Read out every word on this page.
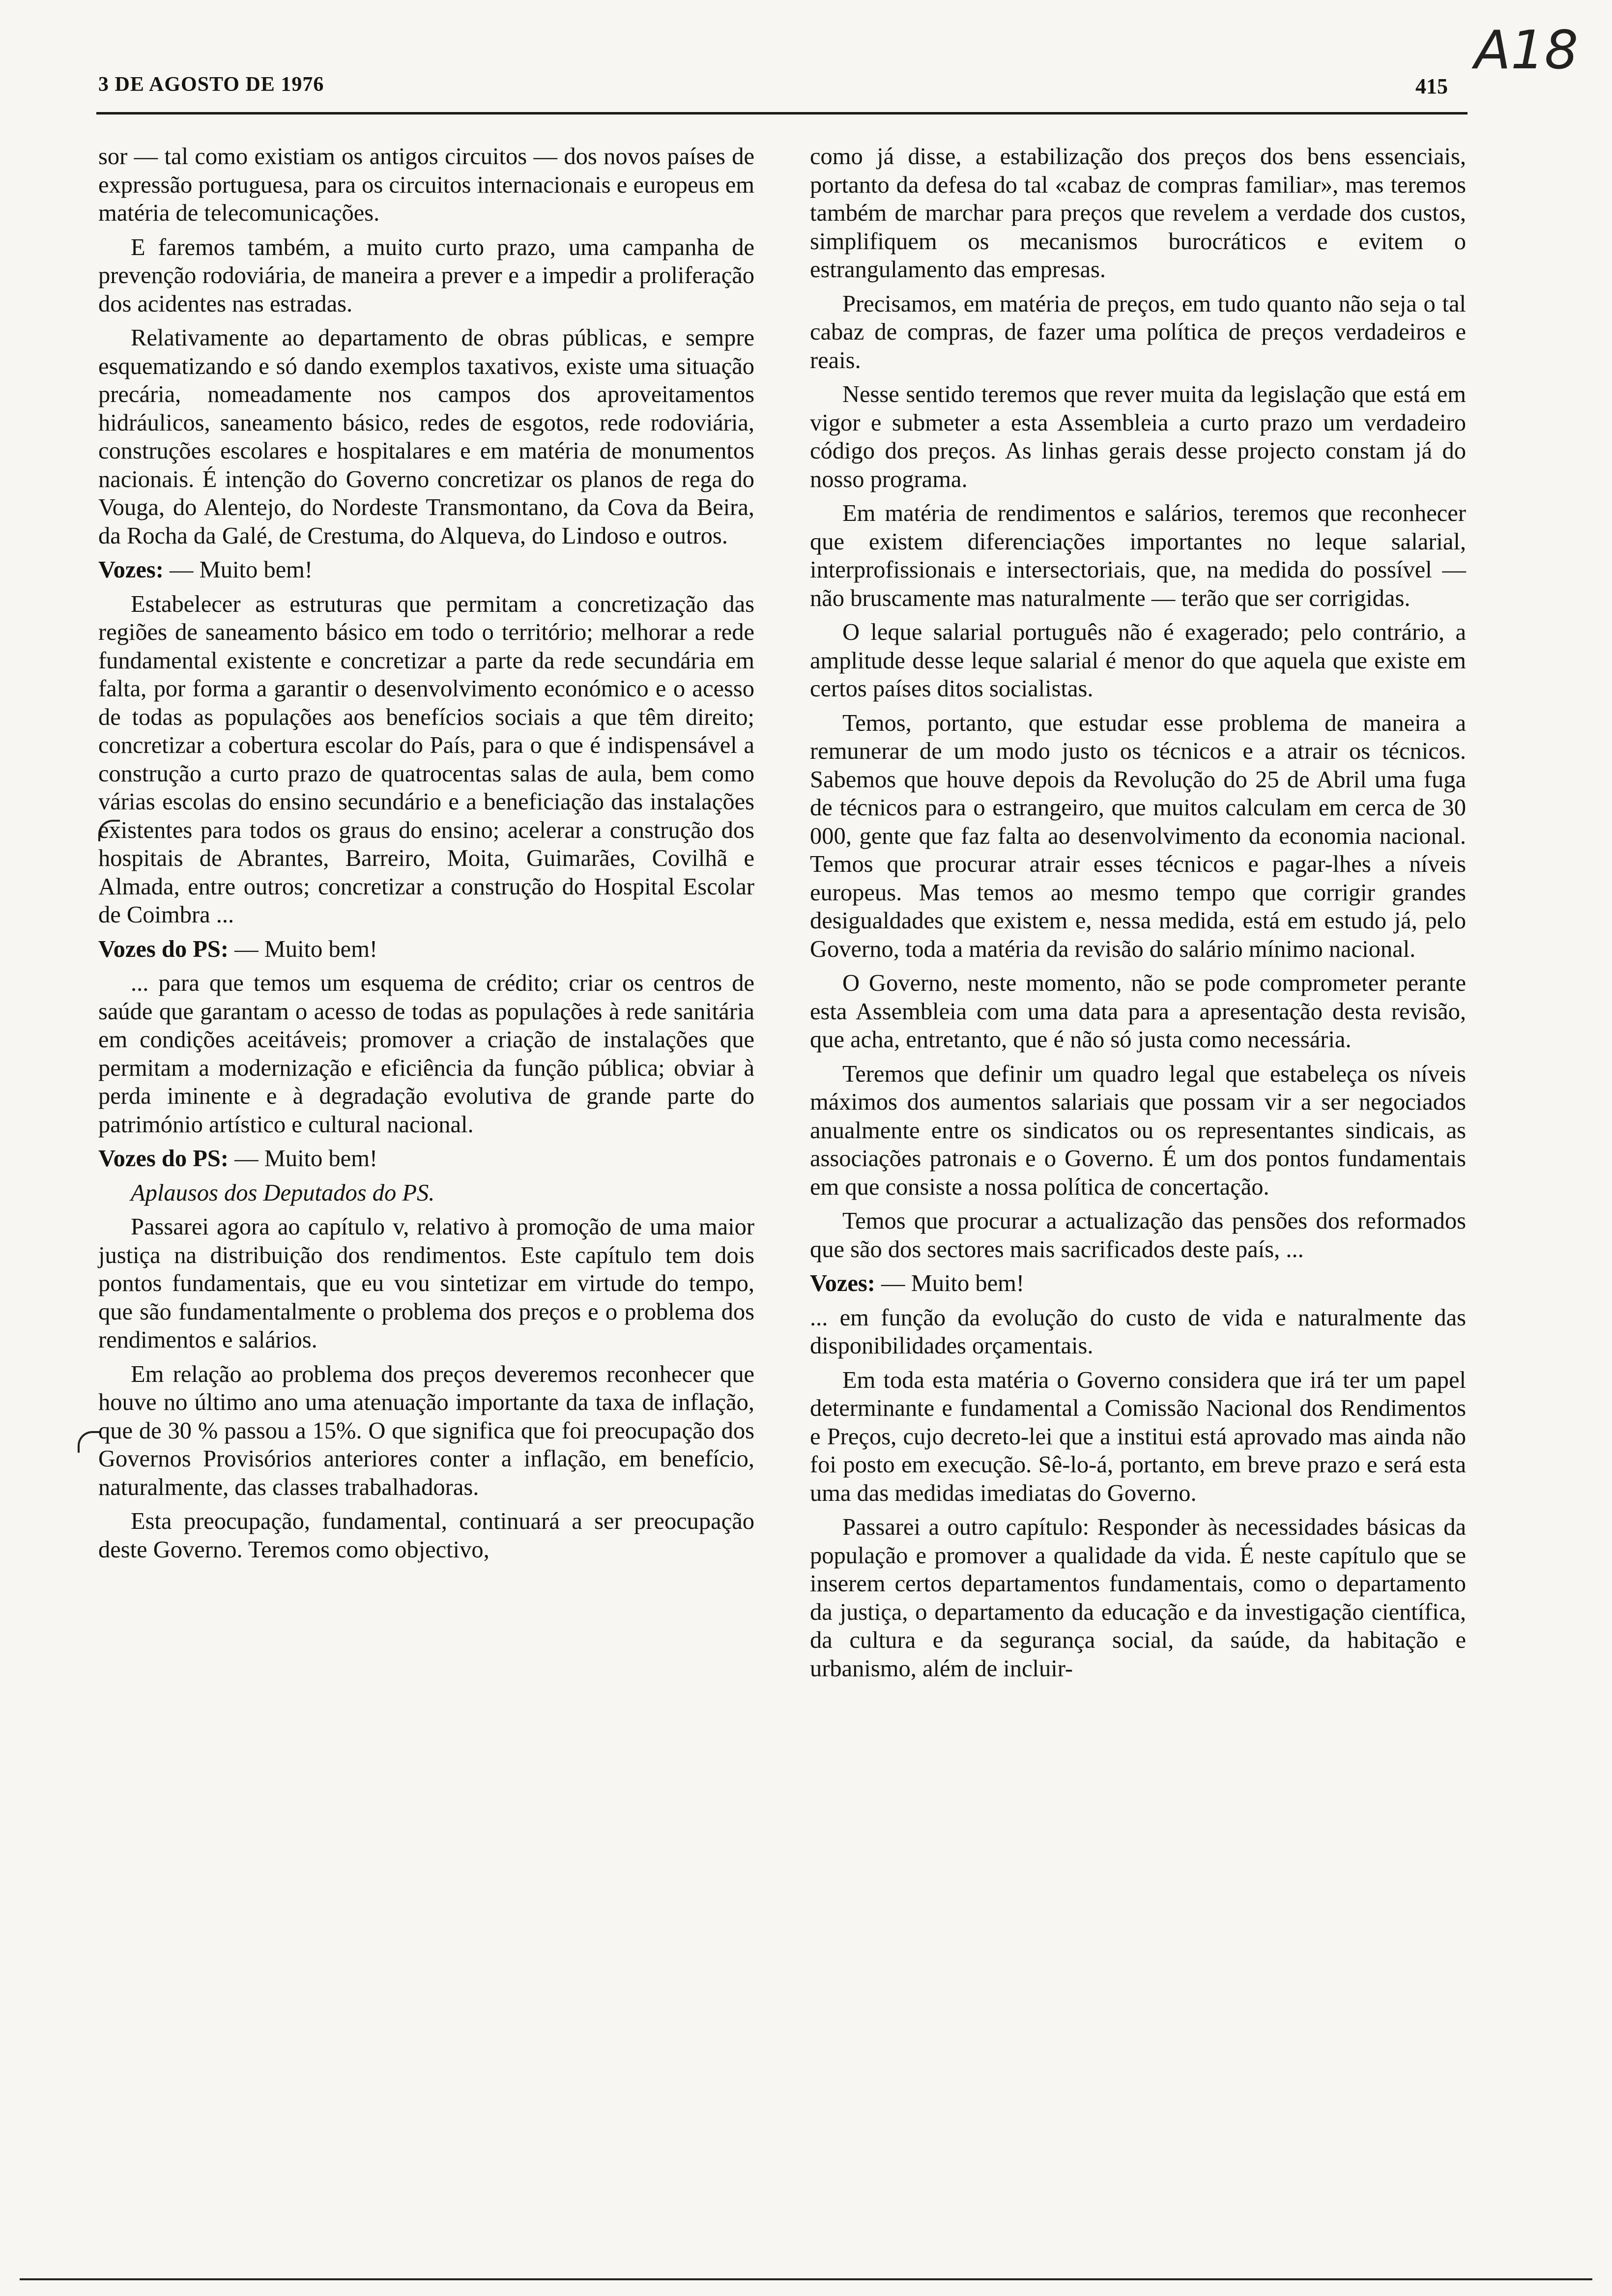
3 DE AGOSTO DE 1976	415
A18

sor — tal como existiam os antigos circuitos — dos novos países de expressão portuguesa, para os circuitos internacionais e europeus em matéria de telecomunicações.

E faremos também, a muito curto prazo, uma campanha de prevenção rodoviária, de maneira a prever e a impedir a proliferação dos acidentes nas estradas.

Relativamente ao departamento de obras públicas, e sempre esquematizando e só dando exemplos taxativos, existe uma situação precária, nomeadamente nos campos dos aproveitamentos hidráulicos, saneamento básico, redes de esgotos, rede rodoviária, construções escolares e hospitalares e em matéria de monumentos nacionais. É intenção do Governo concretizar os planos de rega do Vouga, do Alentejo, do Nordeste Transmontano, da Cova da Beira, da Rocha da Galé, de Crestuma, do Alqueva, do Lindoso e outros.

Vozes: — Muito bem!

Estabelecer as estruturas que permitam a concretização das regiões de saneamento básico em todo o território; melhorar a rede fundamental existente e concretizar a parte da rede secundária em falta, por forma a garantir o desenvolvimento económico e o acesso de todas as populações aos benefícios sociais a que têm direito; concretizar a cobertura escolar do País, para o que é indispensável a construção a curto prazo de quatrocentas salas de aula, bem como várias escolas do ensino secundário e a beneficiação das instalações existentes para todos os graus do ensino; acelerar a construção dos hospitais de Abrantes, Barreiro, Moita, Guimarães, Covilhã e Almada, entre outros; concretizar a construção do Hospital Escolar de Coimbra ...

Vozes do PS: — Muito bem!

... para que temos um esquema de crédito; criar os centros de saúde que garantam o acesso de todas as populações à rede sanitária em condições aceitáveis; promover a criação de instalações que permitam a modernização e eficiência da função pública; obviar à perda iminente e à degradação evolutiva de grande parte do património artístico e cultural nacional.

Vozes do PS: — Muito bem!

Aplausos dos Deputados do PS.

Passarei agora ao capítulo v, relativo à promoção de uma maior justiça na distribuição dos rendimentos. Este capítulo tem dois pontos fundamentais, que eu vou sintetizar em virtude do tempo, que são fundamentalmente o problema dos preços e o problema dos rendimentos e salários.

Em relação ao problema dos preços deveremos reconhecer que houve no último ano uma atenuação importante da taxa de inflação, que de 30 % passou a 15%. O que significa que foi preocupação dos Governos Provisórios anteriores conter a inflação, em benefício, naturalmente, das classes trabalhadoras.

Esta preocupação, fundamental, continuará a ser preocupação deste Governo. Teremos como objectivo,

como já disse, a estabilização dos preços dos bens essenciais, portanto da defesa do tal «cabaz de compras familiar», mas teremos também de marchar para preços que revelem a verdade dos custos, simplifiquem os mecanismos burocráticos e evitem o estrangulamento das empresas.

Precisamos, em matéria de preços, em tudo quanto não seja o tal cabaz de compras, de fazer uma política de preços verdadeiros e reais.

Nesse sentido teremos que rever muita da legislação que está em vigor e submeter a esta Assembleia a curto prazo um verdadeiro código dos preços. As linhas gerais desse projecto constam já do nosso programa.

Em matéria de rendimentos e salários, teremos que reconhecer que existem diferenciações importantes no leque salarial, interprofissionais e intersectoriais, que, na medida do possível — não bruscamente mas naturalmente — terão que ser corrigidas.

O leque salarial português não é exagerado; pelo contrário, a amplitude desse leque salarial é menor do que aquela que existe em certos países ditos socialistas.

Temos, portanto, que estudar esse problema de maneira a remunerar de um modo justo os técnicos e a atrair os técnicos. Sabemos que houve depois da Revolução do 25 de Abril uma fuga de técnicos para o estrangeiro, que muitos calculam em cerca de 30 000, gente que faz falta ao desenvolvimento da economia nacional. Temos que procurar atrair esses técnicos e pagar-lhes a níveis europeus. Mas temos ao mesmo tempo que corrigir grandes desigualdades que existem e, nessa medida, está em estudo já, pelo Governo, toda a matéria da revisão do salário mínimo nacional.

O Governo, neste momento, não se pode comprometer perante esta Assembleia com uma data para a apresentação desta revisão, que acha, entretanto, que é não só justa como necessária.

Teremos que definir um quadro legal que estabeleça os níveis máximos dos aumentos salariais que possam vir a ser negociados anualmente entre os sindicatos ou os representantes sindicais, as associações patronais e o Governo. É um dos pontos fundamentais em que consiste a nossa política de concertação.

Temos que procurar a actualização das pensões dos reformados que são dos sectores mais sacrificados deste país, ...

Vozes: — Muito bem!

... em função da evolução do custo de vida e naturalmente das disponibilidades orçamentais.

Em toda esta matéria o Governo considera que irá ter um papel determinante e fundamental a Comissão Nacional dos Rendimentos e Preços, cujo decreto-lei que a institui está aprovado mas ainda não foi posto em execução. Sê-lo-á, portanto, em breve prazo e será esta uma das medidas imediatas do Governo.

Passarei a outro capítulo: Responder às necessidades básicas da população e promover a qualidade da vida. É neste capítulo que se inserem certos departamentos fundamentais, como o departamento da justiça, o departamento da educação e da investigação científica, da cultura e da segurança social, da saúde, da habitação e urbanismo, além de incluir-
